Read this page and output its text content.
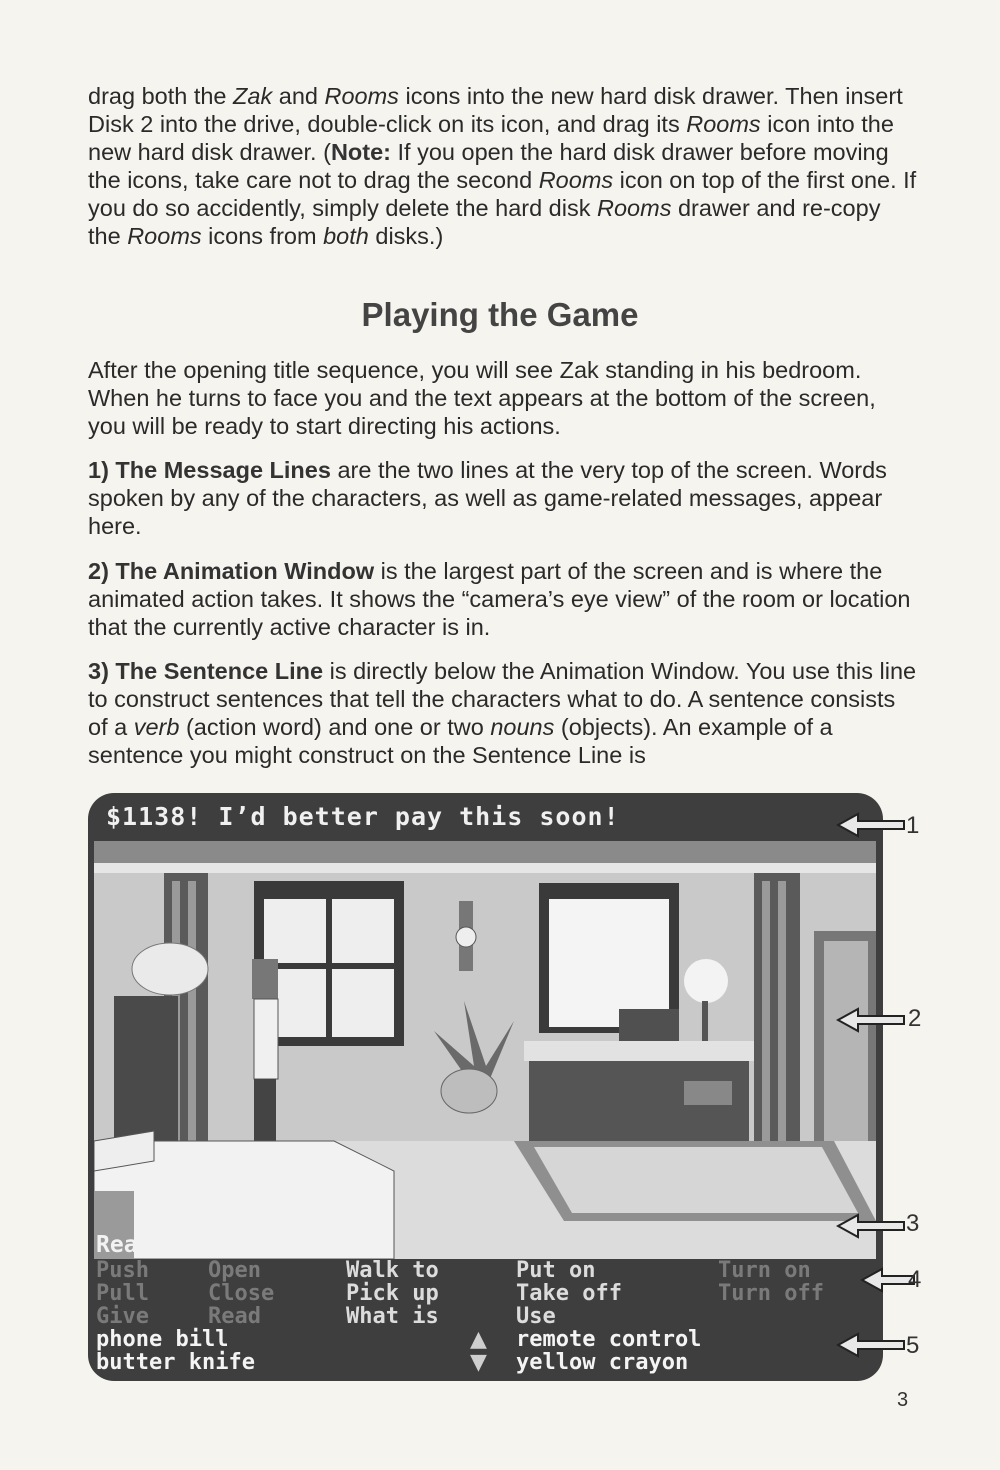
drag both the Zak and Rooms icons into the new hard disk drawer. Then insert Disk 2 into the drive, double-click on its icon, and drag its Rooms icon into the new hard disk drawer. (Note: If you open the hard disk drawer before moving the icons, take care not to drag the second Rooms icon on top of the first one. If you do so accidently, simply delete the hard disk Rooms drawer and re-copy the Rooms icons from both disks.)

Playing the Game

After the opening title sequence, you will see Zak standing in his bedroom. When he turns to face you and the text appears at the bottom of the screen, you will be ready to start directing his actions.

1) The Message Lines are the two lines at the very top of the screen. Words spoken by any of the characters, as well as game-related messages, appear here.

2) The Animation Window is the largest part of the screen and is where the animated action takes. It shows the “camera’s eye view” of the room or location that the currently active character is in.

3) The Sentence Line is directly below the Animation Window. You use this line to construct sentences that tell the characters what to do. A sentence consists of a verb (action word) and one or two nouns (objects). An example of a sentence you might construct on the Sentence Line is

$1138! I’d better pay this soon!
Read phone bill
Push	Open	Walk to	Put on	Turn on
Pull	Close	Pick up	Take off	Turn off
Give	Read	What is	Use
phone bill	remote control
butter knife	yellow crayon
▲
▼
1
2
3
4
5
3
